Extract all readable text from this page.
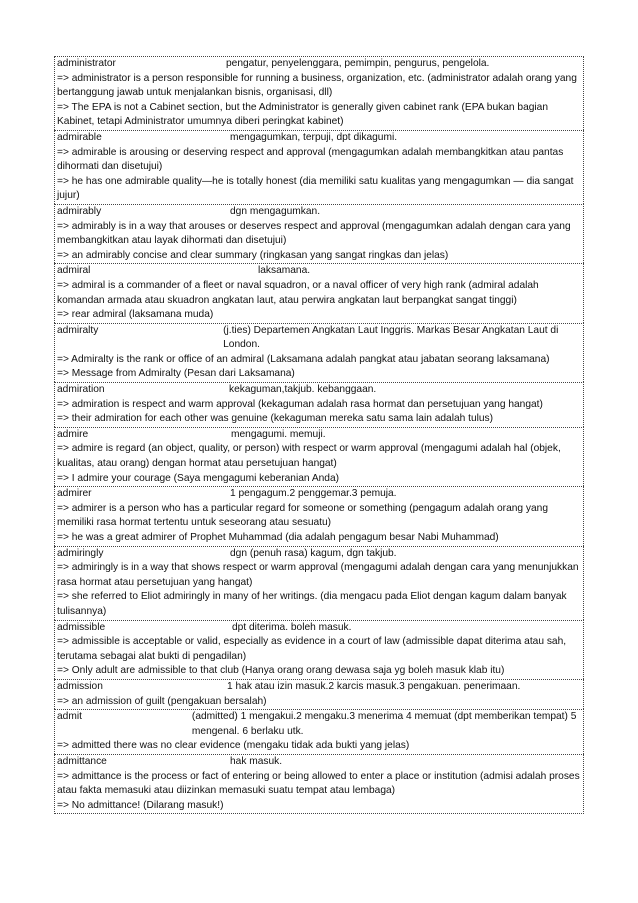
administrator	pengatur, penyelenggara, pemimpin, pengurus, pengelola.
=> administrator is a person responsible for running a business, organization, etc. (administrator adalah orang yang bertanggung jawab untuk menjalankan bisnis, organisasi, dll)
=> The EPA is not a Cabinet section, but the Administrator is generally given cabinet rank (EPA bukan bagian Kabinet, tetapi Administrator umumnya diberi peringkat kabinet)
admirable	mengagumkan, terpuji, dpt dikagumi.
=> admirable is arousing or deserving respect and approval (mengagumkan adalah membangkitkan atau pantas dihormati dan disetujui)
=> he has one admirable quality—he is totally honest (dia memiliki satu kualitas yang mengagumkan — dia sangat jujur)
admirably	dgn mengagumkan.
=> admirably is in a way that arouses or deserves respect and approval (mengagumkan adalah dengan cara yang membangkitkan atau layak dihormati dan disetujui)
=> an admirably concise and clear summary (ringkasan yang sangat ringkas dan jelas)
admiral	laksamana.
=> admiral is a commander of a fleet or naval squadron, or a naval officer of very high rank (admiral adalah komandan armada atau skuadron angkatan laut, atau perwira angkatan laut berpangkat sangat tinggi)
=> rear admiral (laksamana muda)
admiralty	(j.ties) Departemen Angkatan Laut Inggris. Markas Besar Angkatan Laut di London.
=> Admiralty is the rank or office of an admiral (Laksamana adalah pangkat atau jabatan seorang laksamana)
=> Message from Admiralty (Pesan dari Laksamana)
admiration	kekaguman,takjub. kebanggaan.
=> admiration is respect and warm approval (kekaguman adalah rasa hormat dan persetujuan yang hangat)
=> their admiration for each other was genuine (kekaguman mereka satu sama lain adalah tulus)
admire	mengagumi. memuji.
=> admire is regard (an object, quality, or person) with respect or warm approval (mengagumi adalah hal (objek, kualitas, atau orang) dengan hormat atau persetujuan hangat)
=> I admire your courage (Saya mengagumi keberanian Anda)
admirer	1 pengagum.2 penggemar.3 pemuja.
=> admirer is a person who has a particular regard for someone or something (pengagum adalah orang yang memiliki rasa hormat tertentu untuk seseorang atau sesuatu)
=> he was a great admirer of Prophet Muhammad (dia adalah pengagum besar Nabi Muhammad)
admiringly	dgn (penuh rasa) kagum, dgn takjub.
=> admiringly is in a way that shows respect or warm approval (mengagumi adalah dengan cara yang menunjukkan rasa hormat atau persetujuan yang hangat)
=> she referred to Eliot admiringly in many of her writings. (dia mengacu pada Eliot dengan kagum dalam banyak tulisannya)
admissible	dpt diterima. boleh masuk.
=> admissible is acceptable or valid, especially as evidence in a court of law (admissible dapat diterima atau sah, terutama sebagai alat bukti di pengadilan)
=> Only adult are admissible to that club (Hanya orang orang dewasa saja yg boleh masuk klab itu)
admission	1 hak atau izin masuk.2 karcis masuk.3 pengakuan. penerimaan.
=> an admission of guilt (pengakuan bersalah)
admit	(admitted) 1 mengakui.2 mengaku.3 menerima 4 memuat (dpt memberikan tempat) 5 mengenal. 6 berlaku utk.
=> admitted there was no clear evidence (mengaku tidak ada bukti yang jelas)
admittance	hak masuk.
=> admittance is the process or fact of entering or being allowed to enter a place or institution (admisi adalah proses atau fakta memasuki atau diizinkan memasuki suatu tempat atau lembaga)
=> No admittance! (Dilarang masuk!)
